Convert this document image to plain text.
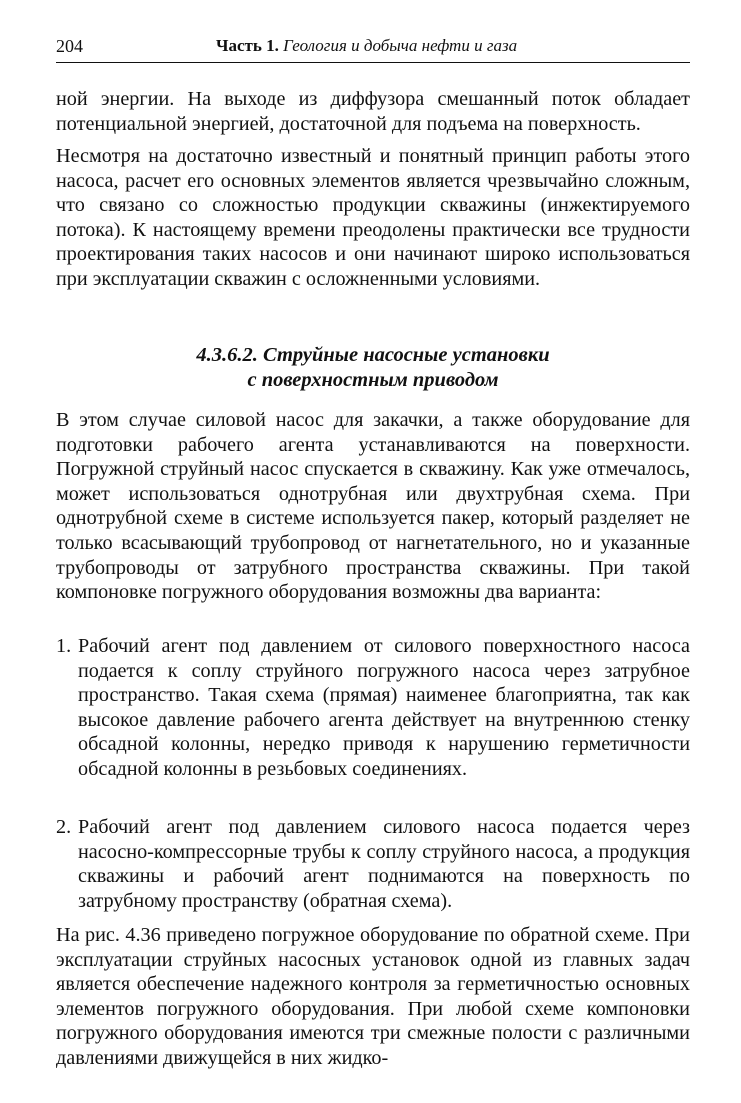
204	Часть 1. Геология и добыча нефти и газа

ной энергии. На выходе из диффузора смешанный поток обладает потенциальной энергией, достаточной для подъема на поверхность.

Несмотря на достаточно известный и понятный принцип работы этого насоса, расчет его основных элементов является чрезвычайно сложным, что связано со сложностью продукции скважины (инжектируемого потока). К настоящему времени преодолены практически все трудности проектирования таких насосов и они начинают широко использоваться при эксплуатации скважин с осложненными условиями.

4.3.6.2. Струйные насосные установки
с поверхностным приводом

В этом случае силовой насос для закачки, а также оборудование для подготовки рабочего агента устанавливаются на поверхности. Погружной струйный насос спускается в скважину. Как уже отмечалось, может использоваться однотрубная или двухтрубная схема. При однотрубной схеме в системе используется пакер, который разделяет не только всасывающий трубопровод от нагнетательного, но и указанные трубопроводы от затрубного пространства скважины. При такой компоновке погружного оборудования возможны два варианта:

1. Рабочий агент под давлением от силового поверхностного насоса подается к соплу струйного погружного насоса через затрубное пространство. Такая схема (прямая) наименее благоприятна, так как высокое давление рабочего агента действует на внутреннюю стенку обсадной колонны, нередко приводя к нарушению герметичности обсадной колонны в резьбовых соединениях.
2. Рабочий агент под давлением силового насоса подается через насосно-компрессорные трубы к соплу струйного насоса, а продукция скважины и рабочий агент поднимаются на поверхность по затрубному пространству (обратная схема).

На рис. 4.36 приведено погружное оборудование по обратной схеме. При эксплуатации струйных насосных установок одной из главных задач является обеспечение надежного контроля за герметичностью основных элементов погружного оборудования. При любой схеме компоновки погружного оборудования имеются три смежные полости с различными давлениями движущейся в них жидко-
